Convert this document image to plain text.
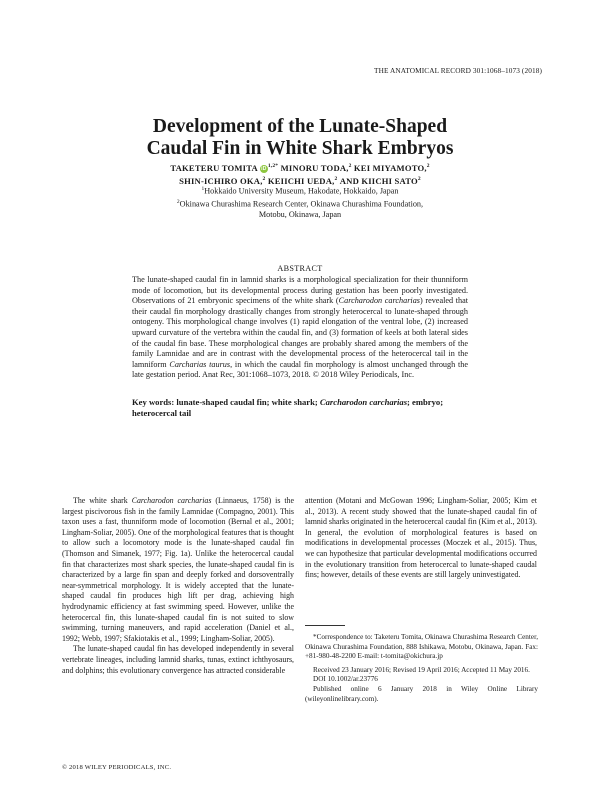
THE ANATOMICAL RECORD 301:1068–1073 (2018)
Development of the Lunate-Shaped
Caudal Fin in White Shark Embryos
TAKETERU TOMITA $iD^{1,2*}$ MINORU TODA,$^2$ KEI MIYAMOTO,$^2$
SHIN-ICHIRO OKA,$^2$ KEIICHI UEDA,$^2$ AND KIICHI SATO$^2$
$^1$Hokkaido University Museum, Hakodate, Hokkaido, Japan
$^2$Okinawa Churashima Research Center, Okinawa Churashima Foundation,
Motobu, Okinawa, Japan
ABSTRACT
The lunate-shaped caudal fin in lamnid sharks is a morphological specialization for their thunniform mode of locomotion, but its developmental process during gestation has been poorly investigated. Observations of 21 embryonic specimens of the white shark (Carcharodon carcharias) revealed that their caudal fin morphology drastically changes from strongly heterocercal to lunate-shaped through ontogeny. This morphological change involves (1) rapid elongation of the ventral lobe, (2) increased upward curvature of the vertebra within the caudal fin, and (3) formation of keels at both lateral sides of the caudal fin base. These morphological changes are probably shared among the members of the family Lamnidae and are in contrast with the developmental process of the heterocercal tail in the lamniform Carcharias taurus, in which the caudal fin morphology is almost unchanged through the late gestation period. Anat Rec, 301:1068–1073, 2018. © 2018 Wiley Periodicals, Inc.
Key words: lunate-shaped caudal fin; white shark; Carcharodon carcharias; embryo; heterocercal tail

The white shark Carcharodon carcharias (Linnaeus, 1758) is the largest piscivorous fish in the family Lamnidae (Compagno, 2001). This taxon uses a fast, thunniform mode of locomotion (Bernal et al., 2001; Lingham-Soliar, 2005). One of the morphological features that is thought to allow such a locomotory mode is the lunate-shaped caudal fin (Thomson and Simanek, 1977; Fig. 1a). Unlike the heterocercal caudal fin that characterizes most shark species, the lunate-shaped caudal fin is characterized by a large fin span and deeply forked and dorsoventrally near-symmetrical morphology. It is widely accepted that the lunate-shaped caudal fin produces high lift per drag, achieving high hydrodynamic efficiency at fast swimming speed. However, unlike the heterocercal fin, this lunate-shaped caudal fin is not suited to slow swimming, turning maneuvers, and rapid acceleration (Daniel et al., 1992; Webb, 1997; Sfakiotakis et al., 1999; Lingham-Soliar, 2005).

The lunate-shaped caudal fin has developed independently in several vertebrate lineages, including lamnid sharks, tunas, extinct ichthyosaurs, and dolphins; this evolutionary convergence has attracted considerable

attention (Motani and McGowan 1996; Lingham-Soliar, 2005; Kim et al., 2013). A recent study showed that the lunate-shaped caudal fin of lamnid sharks originated in the heterocercal caudal fin (Kim et al., 2013). In general, the evolution of morphological features is based on modifications in developmental processes (Moczek et al., 2015). Thus, we can hypothesize that particular developmental modifications occurred in the evolutionary transition from heterocercal to lunate-shaped caudal fins; however, details of these events are still largely uninvestigated.

*Correspondence to: Taketeru Tomita, Okinawa Churashima Research Center, Okinawa Churashima Foundation, 888 Ishikawa, Motobu, Okinawa, Japan. Fax: +81-980-48-2200 E-mail: t-tomita@okichura.jp

Received 23 January 2016; Revised 19 April 2016; Accepted 11 May 2016.

DOI 10.1002/ar.23776

Published online 6 January 2018 in Wiley Online Library (wileyonlinelibrary.com).

© 2018 WILEY PERIODICALS, INC.
